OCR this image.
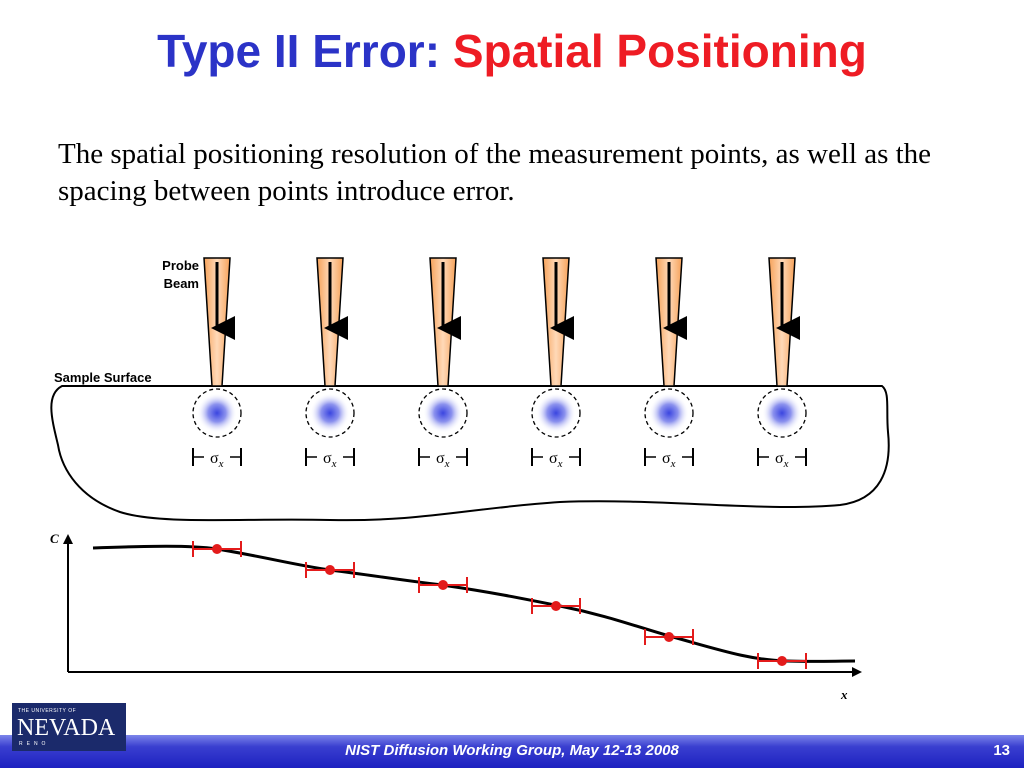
Type II Error: Spatial Positioning
The spatial positioning resolution of the measurement points, as well as the spacing between points introduce error.
Probe
Beam
Sample Surface
$\sigma_x$	$\sigma_x$	$\sigma_x$	$\sigma_x$	$\sigma_x$	$\sigma_x$
C
x
NIST Diffusion Working Group, May 12-13 2008	13
THE UNIVERSITY OF
NEVADA
RENO
